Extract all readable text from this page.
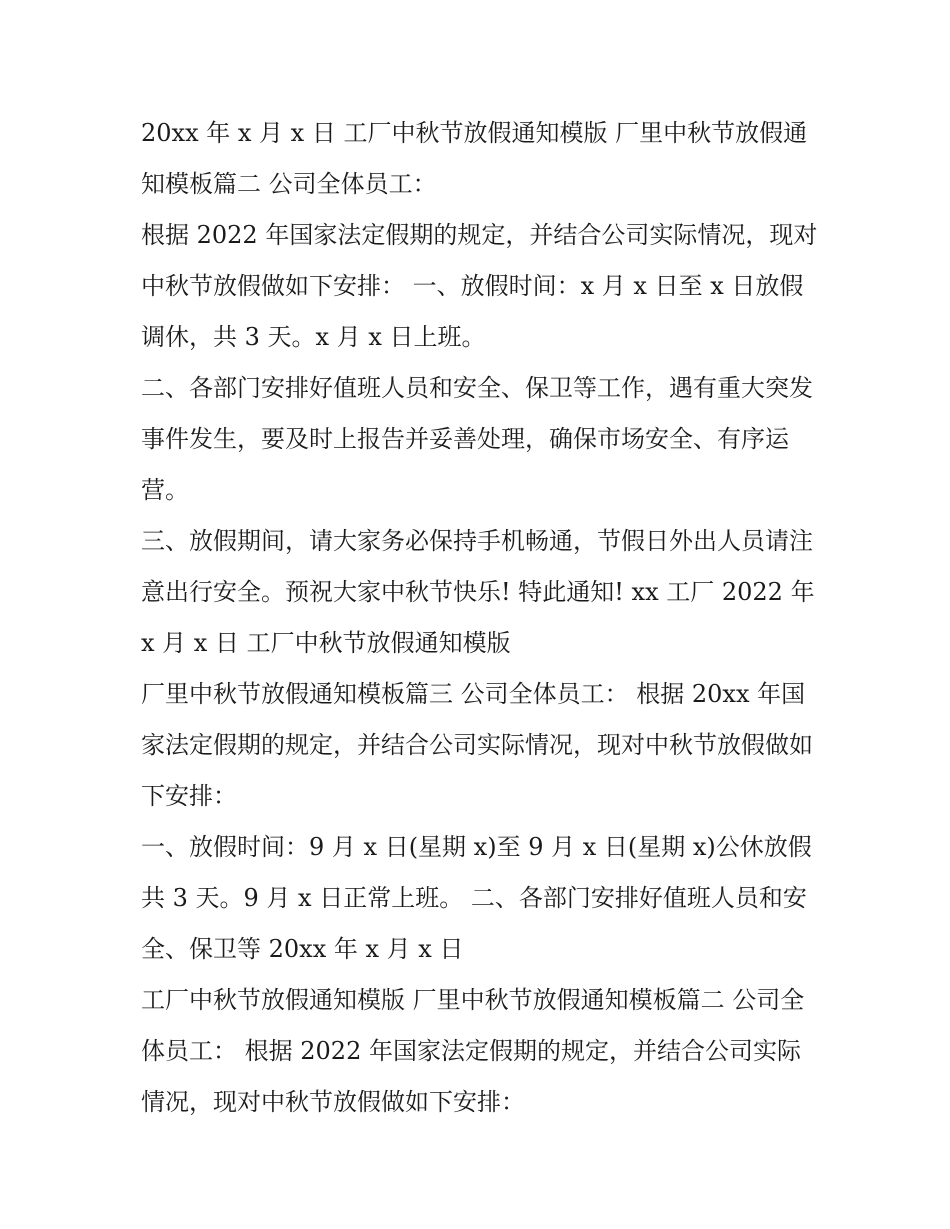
20xx 年 x 月 x 日 工厂中秋节放假通知模版 厂里中秋节放假通知模板篇二 公司全体员工：

根据 2022 年国家法定假期的规定，并结合公司实际情况，现对中秋节放假做如下安排： 一、放假时间：x 月 x 日至 x 日放假调休，共 3 天。x 月 x 日上班。

二、各部门安排好值班人员和安全、保卫等工作，遇有重大突发事件发生，要及时上报告并妥善处理，确保市场安全、有序运营。

三、放假期间，请大家务必保持手机畅通，节假日外出人员请注意出行安全。预祝大家中秋节快乐! 特此通知! xx 工厂 2022 年 x 月 x 日 工厂中秋节放假通知模版

厂里中秋节放假通知模板篇三 公司全体员工： 根据 20xx 年国家法定假期的规定，并结合公司实际情况，现对中秋节放假做如下安排：

一、放假时间：9 月 x 日(星期 x)至 9 月 x 日(星期 x)公休放假共 3 天。9 月 x 日正常上班。 二、各部门安排好值班人员和安全、保卫等 20xx 年 x 月 x 日

工厂中秋节放假通知模版 厂里中秋节放假通知模板篇二 公司全体员工： 根据 2022 年国家法定假期的规定，并结合公司实际情况，现对中秋节放假做如下安排：
